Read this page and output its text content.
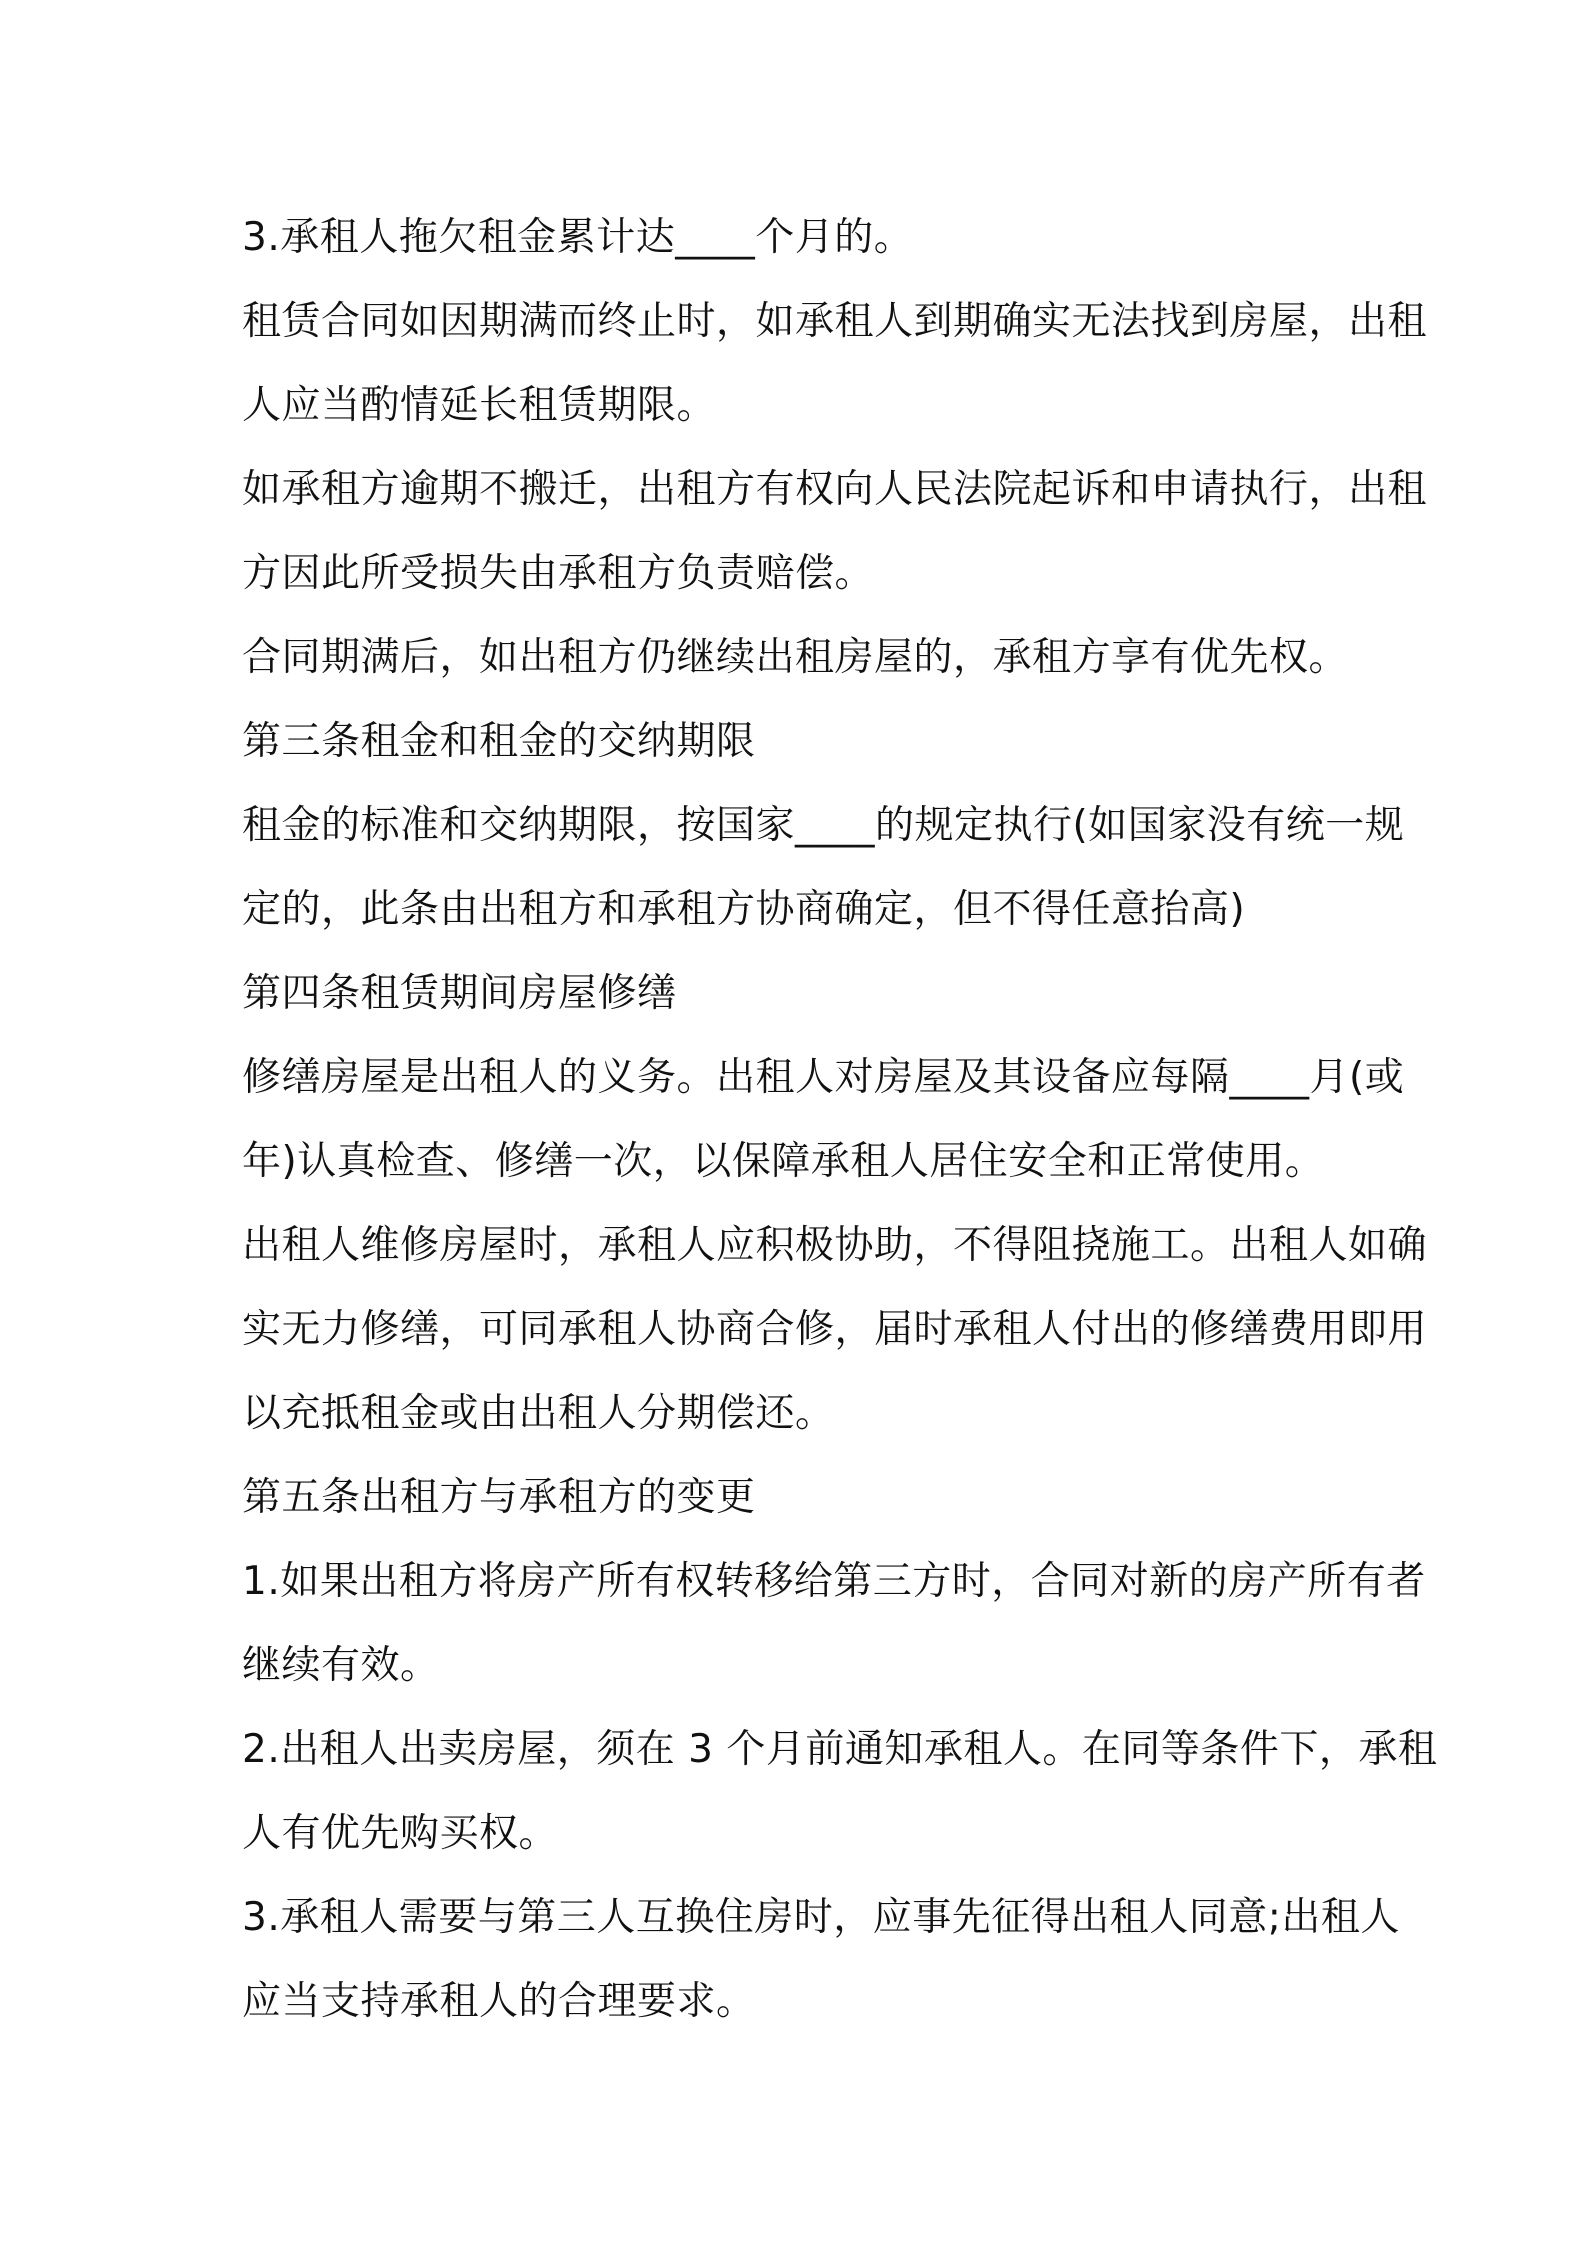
3.承租人拖欠租金累计达____个月的。
租赁合同如因期满而终止时，如承租人到期确实无法找到房屋，出租
人应当酌情延长租赁期限。
如承租方逾期不搬迁，出租方有权向人民法院起诉和申请执行，出租
方因此所受损失由承租方负责赔偿。
合同期满后，如出租方仍继续出租房屋的，承租方享有优先权。
第三条租金和租金的交纳期限
租金的标准和交纳期限，按国家____的规定执行(如国家没有统一规
定的，此条由出租方和承租方协商确定，但不得任意抬高)
第四条租赁期间房屋修缮
修缮房屋是出租人的义务。出租人对房屋及其设备应每隔____月(或
年)认真检查、修缮一次，以保障承租人居住安全和正常使用。
出租人维修房屋时，承租人应积极协助，不得阻挠施工。出租人如确
实无力修缮，可同承租人协商合修，届时承租人付出的修缮费用即用
以充抵租金或由出租人分期偿还。
第五条出租方与承租方的变更
1.如果出租方将房产所有权转移给第三方时，合同对新的房产所有者
继续有效。
2.出租人出卖房屋，须在 3 个月前通知承租人。在同等条件下，承租
人有优先购买权。
3.承租人需要与第三人互换住房时，应事先征得出租人同意;出租人
应当支持承租人的合理要求。
